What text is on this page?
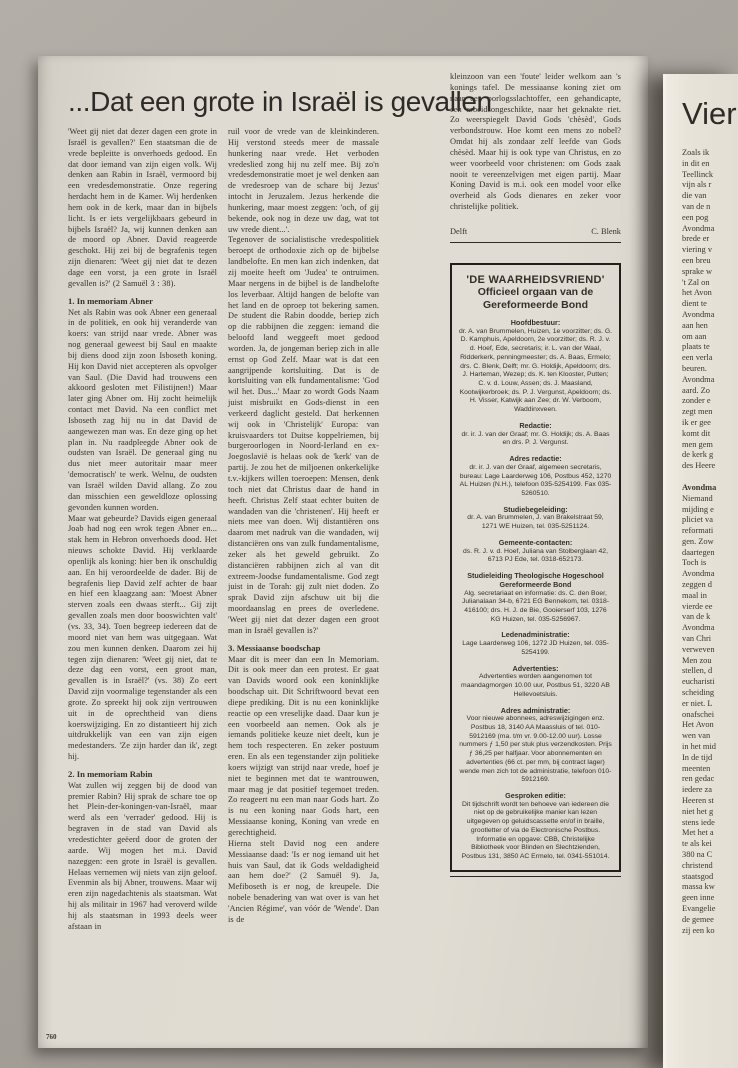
Vier
Zoals ik
in dit en
Teellinck
vijn als r
die van
van de n
een pog
Avondma
brede er
viering v
een breu
sprake w
't Zal on
het Avon
dient te
Avondma
aan hen
om aan
plaats te
een verla
beuren.
Avondma
aard. Zo
zonder e
zegt men
ik er gee
komt dit
men gem
de kerk g
des Heere
Avondma
Niemand
mijding e
pliciet va
reformati
gen. Zow
daartegen
Toch is
Avondma
zeggen d
maal in
vierde ee
van de k
Avondma
van Chri
verweven
Men zou
stellen, d
eucharisti
scheiding
er niet. L
onafschei
Het Avon
wen van
in het mid
In de tijd
meenten
ren gedac
iedere za
Heeren st
niet het g
stens iede
Met het a
te als kei
380 na C
christend
staatsgod
massa kw
geen inne
Evangelie
de gemee
zij een ko
...Dat een grote in Israël is gevallen

'Weet gij niet dat dezer dagen een grote in Israël is gevallen?' Een staatsman die de vrede bepleitte is onverhoeds gedood. En dat door iemand van zijn eigen volk. Wij denken aan Rabin in Israël, vermoord bij een vredesdemonstratie. Onze regering herdacht hem in de Kamer. Wij herdenken hem ook in de kerk, maar dan in bijbels licht. Is er iets vergelijkbaars gebeurd in bijbels Israël? Ja, wij kunnen denken aan de moord op Abner. David reageerde geschokt. Hij zei bij de begrafenis tegen zijn dienaren: 'Weet gij niet dat te dezen dage een vorst, ja een grote in Israël gevallen is?' (2 Samuël 3 : 38).

1. In memoriam Abner

Net als Rabin was ook Abner een generaal in de politiek, en ook hij veranderde van koers: van strijd naar vrede. Abner was nog generaal geweest bij Saul en maakte bij diens dood zijn zoon Isboseth koning. Hij kon David niet accepteren als opvolger van Saul. (Die David had trouwens een akkoord gesloten met Filistijnen!) Maar later ging Abner om. Hij zocht heimelijk contact met David. Na een conflict met Isboseth zag hij nu in dat David de aangewezen man was. En deze ging op het plan in. Nu raadpleegde Abner ook de oudsten van Israël. De generaal ging nu dus niet meer autoritair maar meer 'democratisch' te werk. Welnu, de oudsten van Israël wilden David allang. Zo zou dan misschien een geweldloze oplossing gevonden kunnen worden.

Maar wat gebeurde? Davids eigen generaal Joab had nog een wrok tegen Abner en... stak hem in Hebron onverhoeds dood. Het nieuws schokte David. Hij verklaarde openlijk als koning: hier ben ik onschuldig aan. En hij veroordeelde de dader. Bij de begrafenis liep David zelf achter de baar en hief een klaagzang aan: 'Moest Abner sterven zoals een dwaas sterft... Gij zijt gevallen zoals men door booswichten valt' (vs. 33, 34). Toen begreep iedereen dat de moord niet van hem was uitgegaan. Wat zou men kunnen denken. Daarom zei hij tegen zijn dienaren: 'Weet gij niet, dat te deze dag een vorst, een groot man, gevallen is in Israël?' (vs. 38) Zo eert David zijn voormalige tegenstander als een grote. Zo spreekt hij ook zijn vertrouwen uit in de oprechtheid van diens koerswijziging. En zo distantieert hij zich uitdrukkelijk van een van zijn eigen medestanders. 'Ze zijn harder dan ik', zegt hij.

2. In memoriam Rabin

Wat zullen wij zeggen bij de dood van premier Rabin? Hij sprak de schare toe op het Plein-der-koningen-van-Israël, maar werd als een 'verrader' gedood. Hij is begraven in de stad van David als vredestichter geëerd door de groten der aarde. Wij mogen het m.i. David nazeggen: een grote in Israël is gevallen. Helaas vernemen wij niets van zijn geloof. Evenmin als bij Abner, trouwens. Maar wij eren zijn nagedachtenis als staatsman. Wat hij als militair in 1967 had veroverd wilde hij als staatsman in 1993 deels weer afstaan in

ruil voor de vrede van de kleinkinderen. Hij verstond steeds meer de massale hunkering naar vrede. Het verboden vredeslied zong hij nu zelf mee. Bij zo'n vredesdemonstratie moet je wel denken aan de vredesroep van de schare bij Jezus' intocht in Jeruzalem. Jezus herkende die hunkering, maar moest zeggen: 'och, of gij bekende, ook nog in deze uw dag, wat tot uw vrede dient...'.

Tegenover de socialistische vredespolitiek beroept de orthodoxie zich op de bijbelse landbelofte. En men kan zich indenken, dat zij moeite heeft om 'Judea' te ontruimen. Maar nergens in de bijbel is de landbelofte los leverbaar. Altijd hangen de belofte van het land en de oproep tot bekering samen. De student die Rabin doodde, beriep zich op die rabbijnen die zeggen: iemand die beloofd land weggeeft moet gedood worden. Ja, de jongeman beriep zich in alle ernst op God Zelf. Maar wat is dat een aangrijpende kortsluiting. Dat is de kortsluiting van elk fundamentalisme: 'God wil het. Dus...' Maar zo wordt Gods Naam juist misbruikt en Gods-dienst in een verkeerd daglicht gesteld. Dat herkennen wij ook in 'Christelijk' Europa: van kruisvaarders tot Duitse koppelriemen, bij burgeroorlogen in Noord-Ierland en ex-Joegoslavië is helaas ook de 'kerk' van de partij. Je zou het de miljoenen onkerkelijke t.v.-kijkers willen toeroepen: Mensen, denk toch niet dat Christus daar de hand in heeft. Christus Zelf staat echter buiten de wandaden van die 'christenen'. Hij heeft er niets mee van doen. Wij distantiëren ons daarom met nadruk van die wandaden, wij distanciëren ons van zulk fundamentalisme, zeker als het geweld gebruikt. Zo distanciëren rabbijnen zich al van dit extreem-Joodse fundamentalisme. God zegt juist in de Torah: gij zult niet doden. Zo sprak David zijn afschuw uit bij die moordaanslag en prees de overledene. 'Weet gij niet dat dezer dagen een groot man in Israël gevallen is?'

3. Messiaanse boodschap

Maar dit is meer dan een In Memoriam. Dit is ook meer dan een protest. Er gaat van Davids woord ook een koninklijke boodschap uit. Dit Schriftwoord bevat een diepe prediking. Dit is nu een koninklijke reactie op een vreselijke daad. Daar kun je een voorbeeld aan nemen. Ook als je iemands politieke keuze niet deelt, kun je hem toch respecteren. En zeker postuum eren. En als een tegenstander zijn politieke koers wijzigt van strijd naar vrede, hoef je niet te beginnen met dat te wantrouwen, maar mag je dat positief tegemoet treden. Zo reageert nu een man naar Gods hart. Zo is nu een koning naar Gods hart, een Messiaanse koning, Koning van vrede en gerechtigheid.

Hierna stelt David nog een andere Messiaanse daad: 'Is er nog iemand uit het huis van Saul, dat ik Gods weldadigheid aan hem doe?' (2 Samuël 9). Ja, Mefiboseth is er nog, de kreupele. Die nobele benadering van wat over is van het 'Ancien Régime', van vóór de 'Wende'. Dan is de

kleinzoon van een 'foute' leider welkom aan 's konings tafel. De messiaanse koning ziet om naar een oorlogsslachtoffer, een gehandicapte, een arbeidsongeschikte, naar het geknakte riet. Zo weerspiegelt David Gods 'chèsèd', Gods verbondstrouw. Hoe komt een mens zo nobel? Omdat hij als zondaar zelf leefde van Gods chèsèd. Maar hij is ook type van Christus, en zo weer voorbeeld voor christenen: om Gods zaak nooit te vereenzelvigen met eigen partij. Maar Koning David is m.i. ook een model voor elke overheid als Gods dienares en zeker voor christelijke politiek.

Delft	C. Blenk
'DE WAARHEIDSVRIEND'
Officieel orgaan van de
Gereformeerde Bond
Hoofdbestuur:
dr. A. van Brummelen, Huizen, 1e voorzitter; ds. G. D. Kamphuis, Apeldoorn, 2e voorzitter; ds. R. J. v. d. Hoef, Ede, secretaris; ir. L. van der Waal, Ridderkerk, penningmeester; ds. A. Baas, Ermelo; drs. C. Blenk, Delft; mr. G. Holdijk, Apeldoorn; drs. J. Harteman, Wezep; ds. K. ten Klooster, Putten; C. v. d. Louw, Assen; ds. J. Maasland, Kootwijkerbroek; ds. P. J. Vergunst, Apeldoorn; ds. H. Visser, Katwijk aan Zee; dr. W. Verboom, Waddinxveen.
Redactie:
dr. ir. J. van der Graaf; mr. G. Holdijk; ds. A. Baas en drs. P. J. Vergunst.
Adres redactie:
dr. ir. J. van der Graaf, algemeen secretaris, bureau: Lage Laarderweg 106, Postbus 452, 1270 AL Huizen (N.H.), telefoon 035-5254199. Fax 035-5260510.
Studiebegeleiding:
dr. A. van Brummelen, J. van Brakelstraat 59, 1271 WE Huizen, tel. 035-5251124.
Gemeente-contacten:
ds. R. J. v. d. Hoef, Juliana van Stolberglaan 42, 6713 PJ Ede, tel. 0318-652173.
Studieleiding Theologische Hogeschool Gereformeerde Bond
Alg. secretariaat en informatie: ds. C. den Boer, Julianalaan 34-b, 6721 EG Bennekom, tel. 0318-416100; drs. H. J. de Bie, Gooierserf 103, 1276 KG Huizen, tel. 035-5256967.
Ledenadministratie:
Lage Laarderweg 106, 1272 JD Huizen, tel. 035-5254199.
Advertenties:
Advertenties worden aangenomen tot maandagmorgen 10.00 uur, Postbus 51, 3220 AB Hellevoetsluis.
Adres administratie:
Voor nieuwe abonnees, adreswijzigingen enz. Postbus 18, 3140 AA Maassluis of tel. 010-5912169 (ma. t/m vr. 9.00-12.00 uur). Losse nummers ƒ 1,50 per stuk plus verzendkosten. Prijs ƒ 36,25 per halfjaar. Voor abonnementen en advertenties (66 ct. per mm, bij contract lager) wende men zich tot de administratie, telefoon 010-5912169.
Gesproken editie:
Dit tijdschrift wordt ten behoeve van iedereen die niet op de gebruikelijke manier kan lezen uitgegeven op geluidscassette en/of in braille, grootletter of via de Electronische Postbus. Informatie en opgave: CBB, Christelijke Bibliotheek voor Blinden en Slechtzienden, Postbus 131, 3850 AC Ermelo, tel. 0341-551014.
760
